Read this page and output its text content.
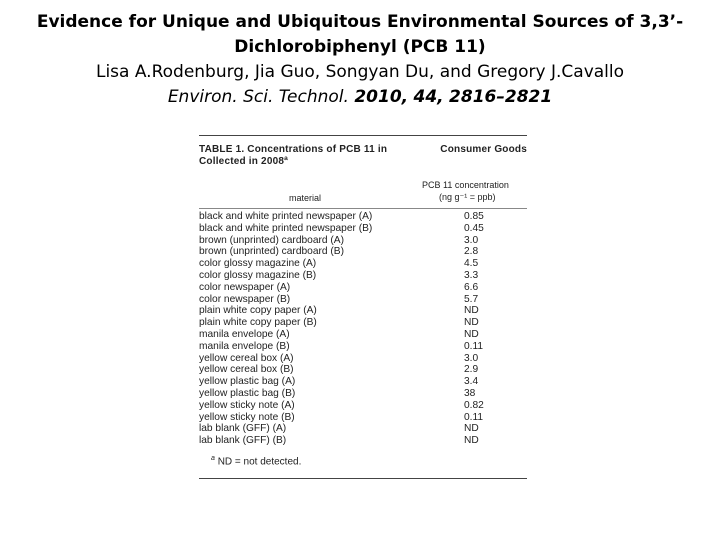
Evidence for Unique and Ubiquitous Environmental Sources of 3,3’-
Dichlorobiphenyl (PCB 11)
Lisa A.Rodenburg, Jia Guo, Songyan Du, and Gregory J.Cavallo
Environ. Sci. Technol. 2010, 44, 2816–2821
TABLE 1. Concentrations of PCB 11 in	Consumer Goods
Collected in 2008ª
material
PCB 11 concentration
(ng g⁻¹ = ppb)
black and white printed newspaper (A)	0.85
black and white printed newspaper (B)	0.45
brown (unprinted) cardboard (A)	3.0
brown (unprinted) cardboard (B)	2.8
color glossy magazine (A)	4.5
color glossy magazine (B)	3.3
color newspaper (A)	6.6
color newspaper (B)	5.7
plain white copy paper (A)	ND
plain white copy paper (B)	ND
manila envelope (A)	ND
manila envelope (B)	0.11
yellow cereal box (A)	3.0
yellow cereal box (B)	2.9
yellow plastic bag (A)	3.4
yellow plastic bag (B)	38
yellow sticky note (A)	0.82
yellow sticky note (B)	0.11
lab blank (GFF) (A)	ND
lab blank (GFF) (B)	ND
$^a$ ND = not detected.
